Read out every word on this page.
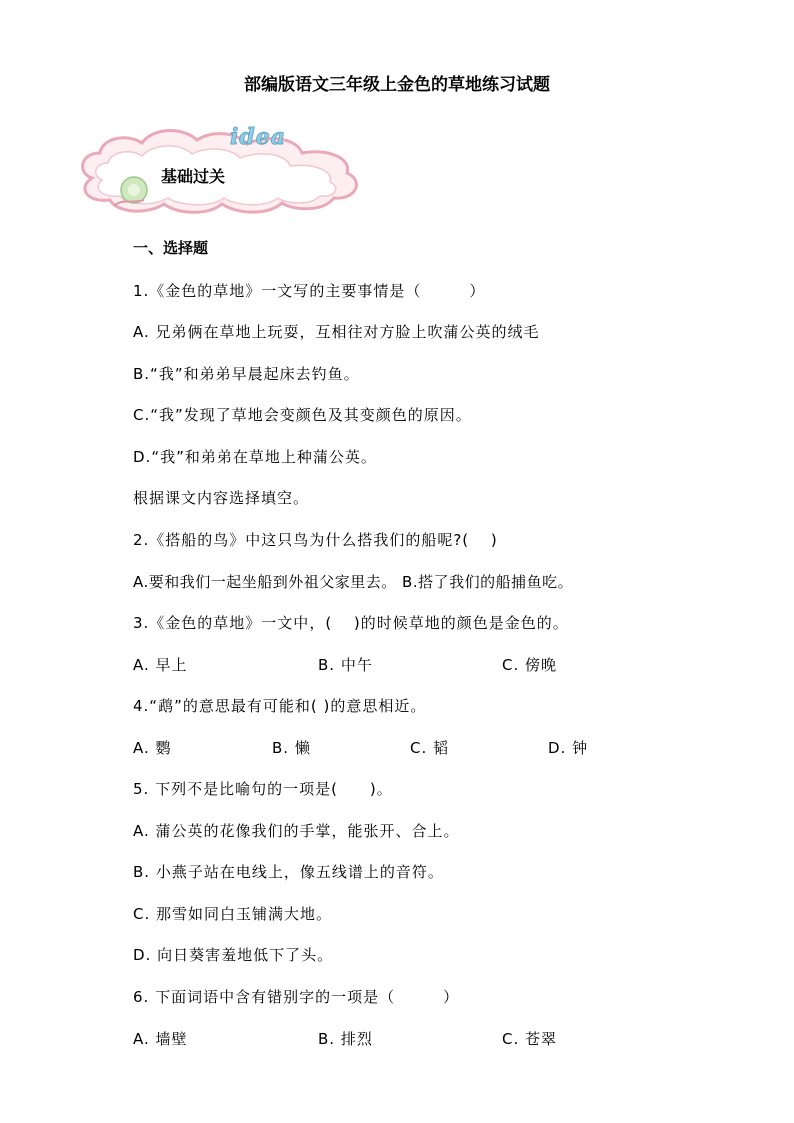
部编版语文三年级上金色的草地练习试题
idea
基础过关
一、选择题
1.《金色的草地》一文写的主要事情是（　　　）
A. 兄弟俩在草地上玩耍，互相往对方脸上吹蒲公英的绒毛
B.“我”和弟弟早晨起床去钓鱼。
C.“我”发现了草地会变颜色及其变颜色的原因。
D.“我”和弟弟在草地上种蒲公英。
根据课文内容选择填空。
2.《搭船的鸟》中这只鸟为什么搭我们的船呢?(　 )
A.要和我们一起坐船到外祖父家里去。 B.搭了我们的船捕鱼吃。
3.《金色的草地》一文中，(　 )的时候草地的颜色是金色的。
A. 早上	B. 中午	C. 傍晚
4.“鹉”的意思最有可能和( )的意思相近。
A. 鹦	B. 懒	C. 韬	D. 钟
5. 下列不是比喻句的一项是(　　)。
A. 蒲公英的花像我们的手掌，能张开、合上。
B. 小燕子站在电线上，像五线谱上的音符。
C. 那雪如同白玉铺满大地。
D. 向日葵害羞地低下了头。
6. 下面词语中含有错别字的一项是（　　　）
A. 墙壁	B. 排烈	C. 苍翠
